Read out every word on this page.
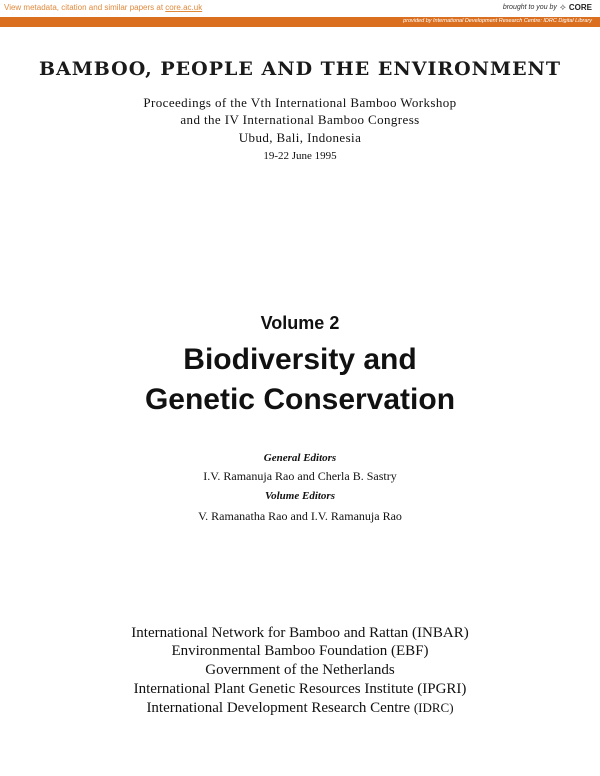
View metadata, citation and similar papers at core.ac.uk	brought to you by ⟡ CORE
provided by International Development Research Centre: IDRC Digital Library
BAMBOO, PEOPLE AND THE ENVIRONMENT
Proceedings of the Vth International Bamboo Workshop
and the IV International Bamboo Congress
Ubud, Bali, Indonesia
19-22 June 1995
Volume 2
Biodiversity and
Genetic Conservation
General Editors
I.V. Ramanuja Rao and Cherla B. Sastry
Volume Editors
V. Ramanatha Rao and I.V. Ramanuja Rao
International Network for Bamboo and Rattan (INBAR)
Environmental Bamboo Foundation (EBF)
Government of the Netherlands
International Plant Genetic Resources Institute (IPGRI)
International Development Research Centre (IDRC)
